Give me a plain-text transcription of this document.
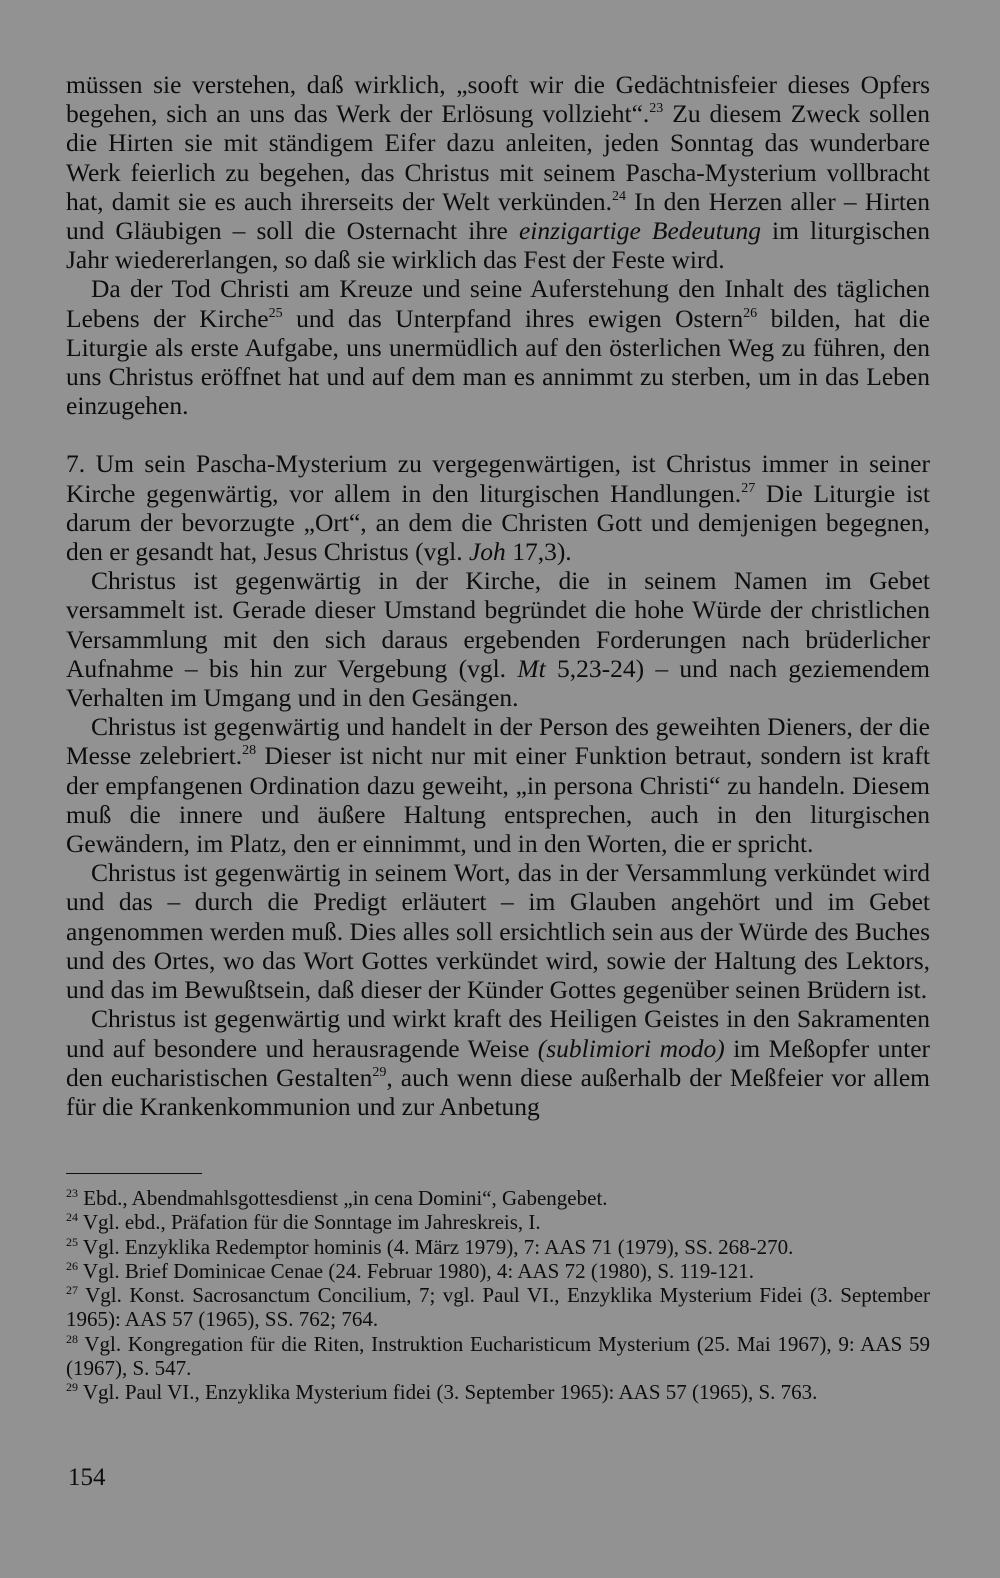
müssen sie verstehen, daß wirklich, „sooft wir die Gedächtnisfeier dieses Opfers begehen, sich an uns das Werk der Erlösung vollzieht“.$^{23}$ Zu diesem Zweck sollen die Hirten sie mit ständigem Eifer dazu anleiten, jeden Sonntag das wunderbare Werk feierlich zu begehen, das Christus mit seinem Pascha-Mysterium vollbracht hat, damit sie es auch ihrerseits der Welt verkünden.$^{24}$ In den Herzen aller – Hirten und Gläubigen – soll die Osternacht ihre einzigartige Bedeutung im liturgischen Jahr wiedererlangen, so daß sie wirklich das Fest der Feste wird.

Da der Tod Christi am Kreuze und seine Auferstehung den Inhalt des täglichen Lebens der Kirche$^{25}$ und das Unterpfand ihres ewigen Ostern$^{26}$ bilden, hat die Liturgie als erste Aufgabe, uns unermüdlich auf den österlichen Weg zu führen, den uns Christus eröffnet hat und auf dem man es annimmt zu sterben, um in das Leben einzugehen.

7. Um sein Pascha-Mysterium zu vergegenwärtigen, ist Christus immer in seiner Kirche gegenwärtig, vor allem in den liturgischen Handlungen.$^{27}$ Die Liturgie ist darum der bevorzugte „Ort“, an dem die Christen Gott und demjenigen begegnen, den er gesandt hat, Jesus Christus (vgl. Joh 17,3).

Christus ist gegenwärtig in der Kirche, die in seinem Namen im Gebet versammelt ist. Gerade dieser Umstand begründet die hohe Würde der christlichen Versammlung mit den sich daraus ergebenden Forderungen nach brüderlicher Aufnahme – bis hin zur Vergebung (vgl. Mt 5,23-24) – und nach geziemendem Verhalten im Umgang und in den Gesängen.

Christus ist gegenwärtig und handelt in der Person des geweihten Dieners, der die Messe zelebriert.$^{28}$ Dieser ist nicht nur mit einer Funktion betraut, sondern ist kraft der empfangenen Ordination dazu geweiht, „in persona Christi“ zu handeln. Diesem muß die innere und äußere Haltung entsprechen, auch in den liturgischen Gewändern, im Platz, den er einnimmt, und in den Worten, die er spricht.

Christus ist gegenwärtig in seinem Wort, das in der Versammlung verkündet wird und das – durch die Predigt erläutert – im Glauben angehört und im Gebet angenommen werden muß. Dies alles soll ersichtlich sein aus der Würde des Buches und des Ortes, wo das Wort Gottes verkündet wird, sowie der Haltung des Lektors, und das im Bewußtsein, daß dieser der Künder Gottes gegenüber seinen Brüdern ist.

Christus ist gegenwärtig und wirkt kraft des Heiligen Geistes in den Sakramenten und auf besondere und herausragende Weise (sublimiori modo) im Meßopfer unter den eucharistischen Gestalten$^{29}$, auch wenn diese außerhalb der Meßfeier vor allem für die Krankenkommunion und zur Anbetung

$^{23}$ Ebd., Abendmahlsgottesdienst „in cena Domini“, Gabengebet.

$^{24}$ Vgl. ebd., Präfation für die Sonntage im Jahreskreis, I.

$^{25}$ Vgl. Enzyklika Redemptor hominis (4. März 1979), 7: AAS 71 (1979), SS. 268-270.

$^{26}$ Vgl. Brief Dominicae Cenae (24. Februar 1980), 4: AAS 72 (1980), S. 119-121.

$^{27}$ Vgl. Konst. Sacrosanctum Concilium, 7; vgl. Paul VI., Enzyklika Mysterium Fidei (3. September 1965): AAS 57 (1965), SS. 762; 764.

$^{28}$ Vgl. Kongregation für die Riten, Instruktion Eucharisticum Mysterium (25. Mai 1967), 9: AAS 59 (1967), S. 547.

$^{29}$ Vgl. Paul VI., Enzyklika Mysterium fidei (3. September 1965): AAS 57 (1965), S. 763.

154
